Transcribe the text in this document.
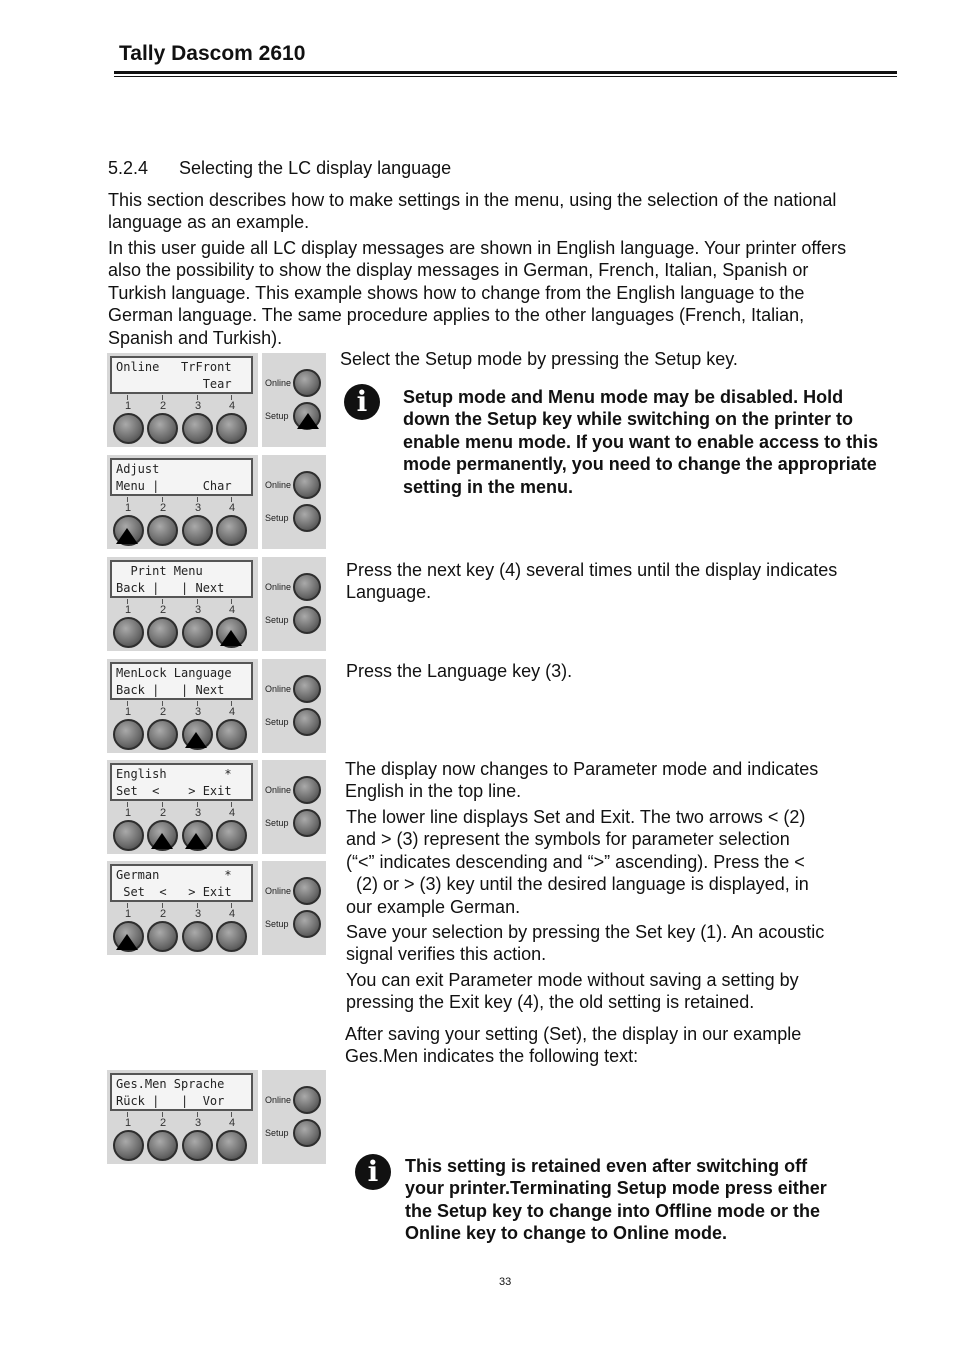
Tally Dascom 2610
5.2.4 Selecting the LC display language
This section describes how to make settings in the menu, using the selection of the national
language as an example.
In this user guide all LC display messages are shown in English language. Your printer offers
also the possibility to show the display messages in German, French, Italian, Spanish or
Turkish language. This example shows how to change from the English language to the
German language. The same procedure applies to the other languages (French, Italian,
Spanish and Turkish).
Online   TrFront
Tear
1	2	3	4
Online
Setup
Adjust
Menu |      Char
1	2	3	4
Online
Setup
Print Menu
Back |   | Next
1	2	3	4
Online
Setup
MenLock Language
Back |   | Next
1	2	3	4
Online
Setup
English        *
Set  <    > Exit
1	2	3	4
Online
Setup
German         *
Set  <   > Exit
1	2	3	4
Online
Setup
Ges.Men Sprache
Rück |   |  Vor
1	2	3	4
Online
Setup
Select the Setup mode by pressing the Setup key.
i	Setup mode and Menu mode may be disabled. Hold
down the Setup key while switching on the printer to
enable menu mode. If you want to enable access to this
mode permanently, you need to change the appropriate
setting in the menu.
Press the next key (4) several times until the display indicates
Language.
Press the Language key (3).
The display now changes to Parameter mode and indicates
English in the top line.
The lower line displays Set and Exit. The two arrows < (2)
and > (3) represent the symbols for parameter selection
(“<” indicates descending and “>” ascending). Press the <
(2) or > (3) key until the desired language is displayed, in
our example German.
Save your selection by pressing the Set key (1). An acoustic
signal verifies this action.
You can exit Parameter mode without saving a setting by
pressing the Exit key (4), the old setting is retained.
After saving your setting (Set), the display in our example
Ges.Men indicates the following text:
i	This setting is retained even after switching off
your printer.Terminating Setup mode press either
the Setup key to change into Offline mode or the
Online key to change to Online mode.
33
